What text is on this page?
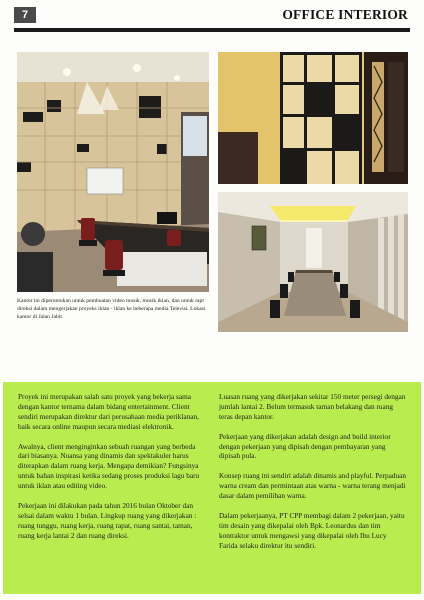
7	OFFICE INTERIOR
Kantor ini diperuntukan untuk pembuatan video musik, musik iklan, dan untuk rapt direksi dalam mengerjakan proyeks iklan - iklan ke beberapa media Televisi. Lokasi kantor di Jalan Jabit.

Proyek ini merupakan salah satu proyek yang bekerja sama dengan kantor ternama dalam bidang entertainment. Client sendiri merupakan direktur dari perusahaan media periklanan, baik secara online maupun secara mediasi elektronik.

Awalnya, client menginginkan sebuah ruangan yang berbeda dari biasanya. Nuansa yang dinamis dan spektakuler harus diterapkan dalam ruang kerja. Mengapa demikian? Fungsinya untuk bahan inspirasi ketika sedang proses produksi lagu baru untuk iklan atau editing video.

Pekerjaan ini dilakukan pada tahun 2016 bulan Oktober dan selsai dalam waktu 1 bulan. Lingkup ruang yang dikerjakan : ruang tunggu, ruang kerja, ruang rapat, ruang santai, taman, ruang kerja lantai 2 dan ruang direksi.

Luasan ruang yang dikerjakan sekitar 150 meter persegi dengan jumlah lantai 2. Belum termasuk taman belakang dan ruang teras depan kantor.

Pekerjaan yang dikerjakan adalah design and build interior dengan pekerjaan yang dipisah dengan pembayaran yang dipisah pula.

Konsep ruang ini sendiri adalah dinamis and playful. Perpaduan warna cream dan permintaan atas warna - warna terang menjadi dasar dalam pemilihan warna.

Dalam pekerjaanya, PT CPP membagi dalam 2 pekerjaan, yaitu tim desain yang dikepalai oleh Bpk. Leonardus dan tim kontraktor untuk mengawsi yang dikepalai oleh Ibu Lucy Farida selaku direktur itu sendiri.
